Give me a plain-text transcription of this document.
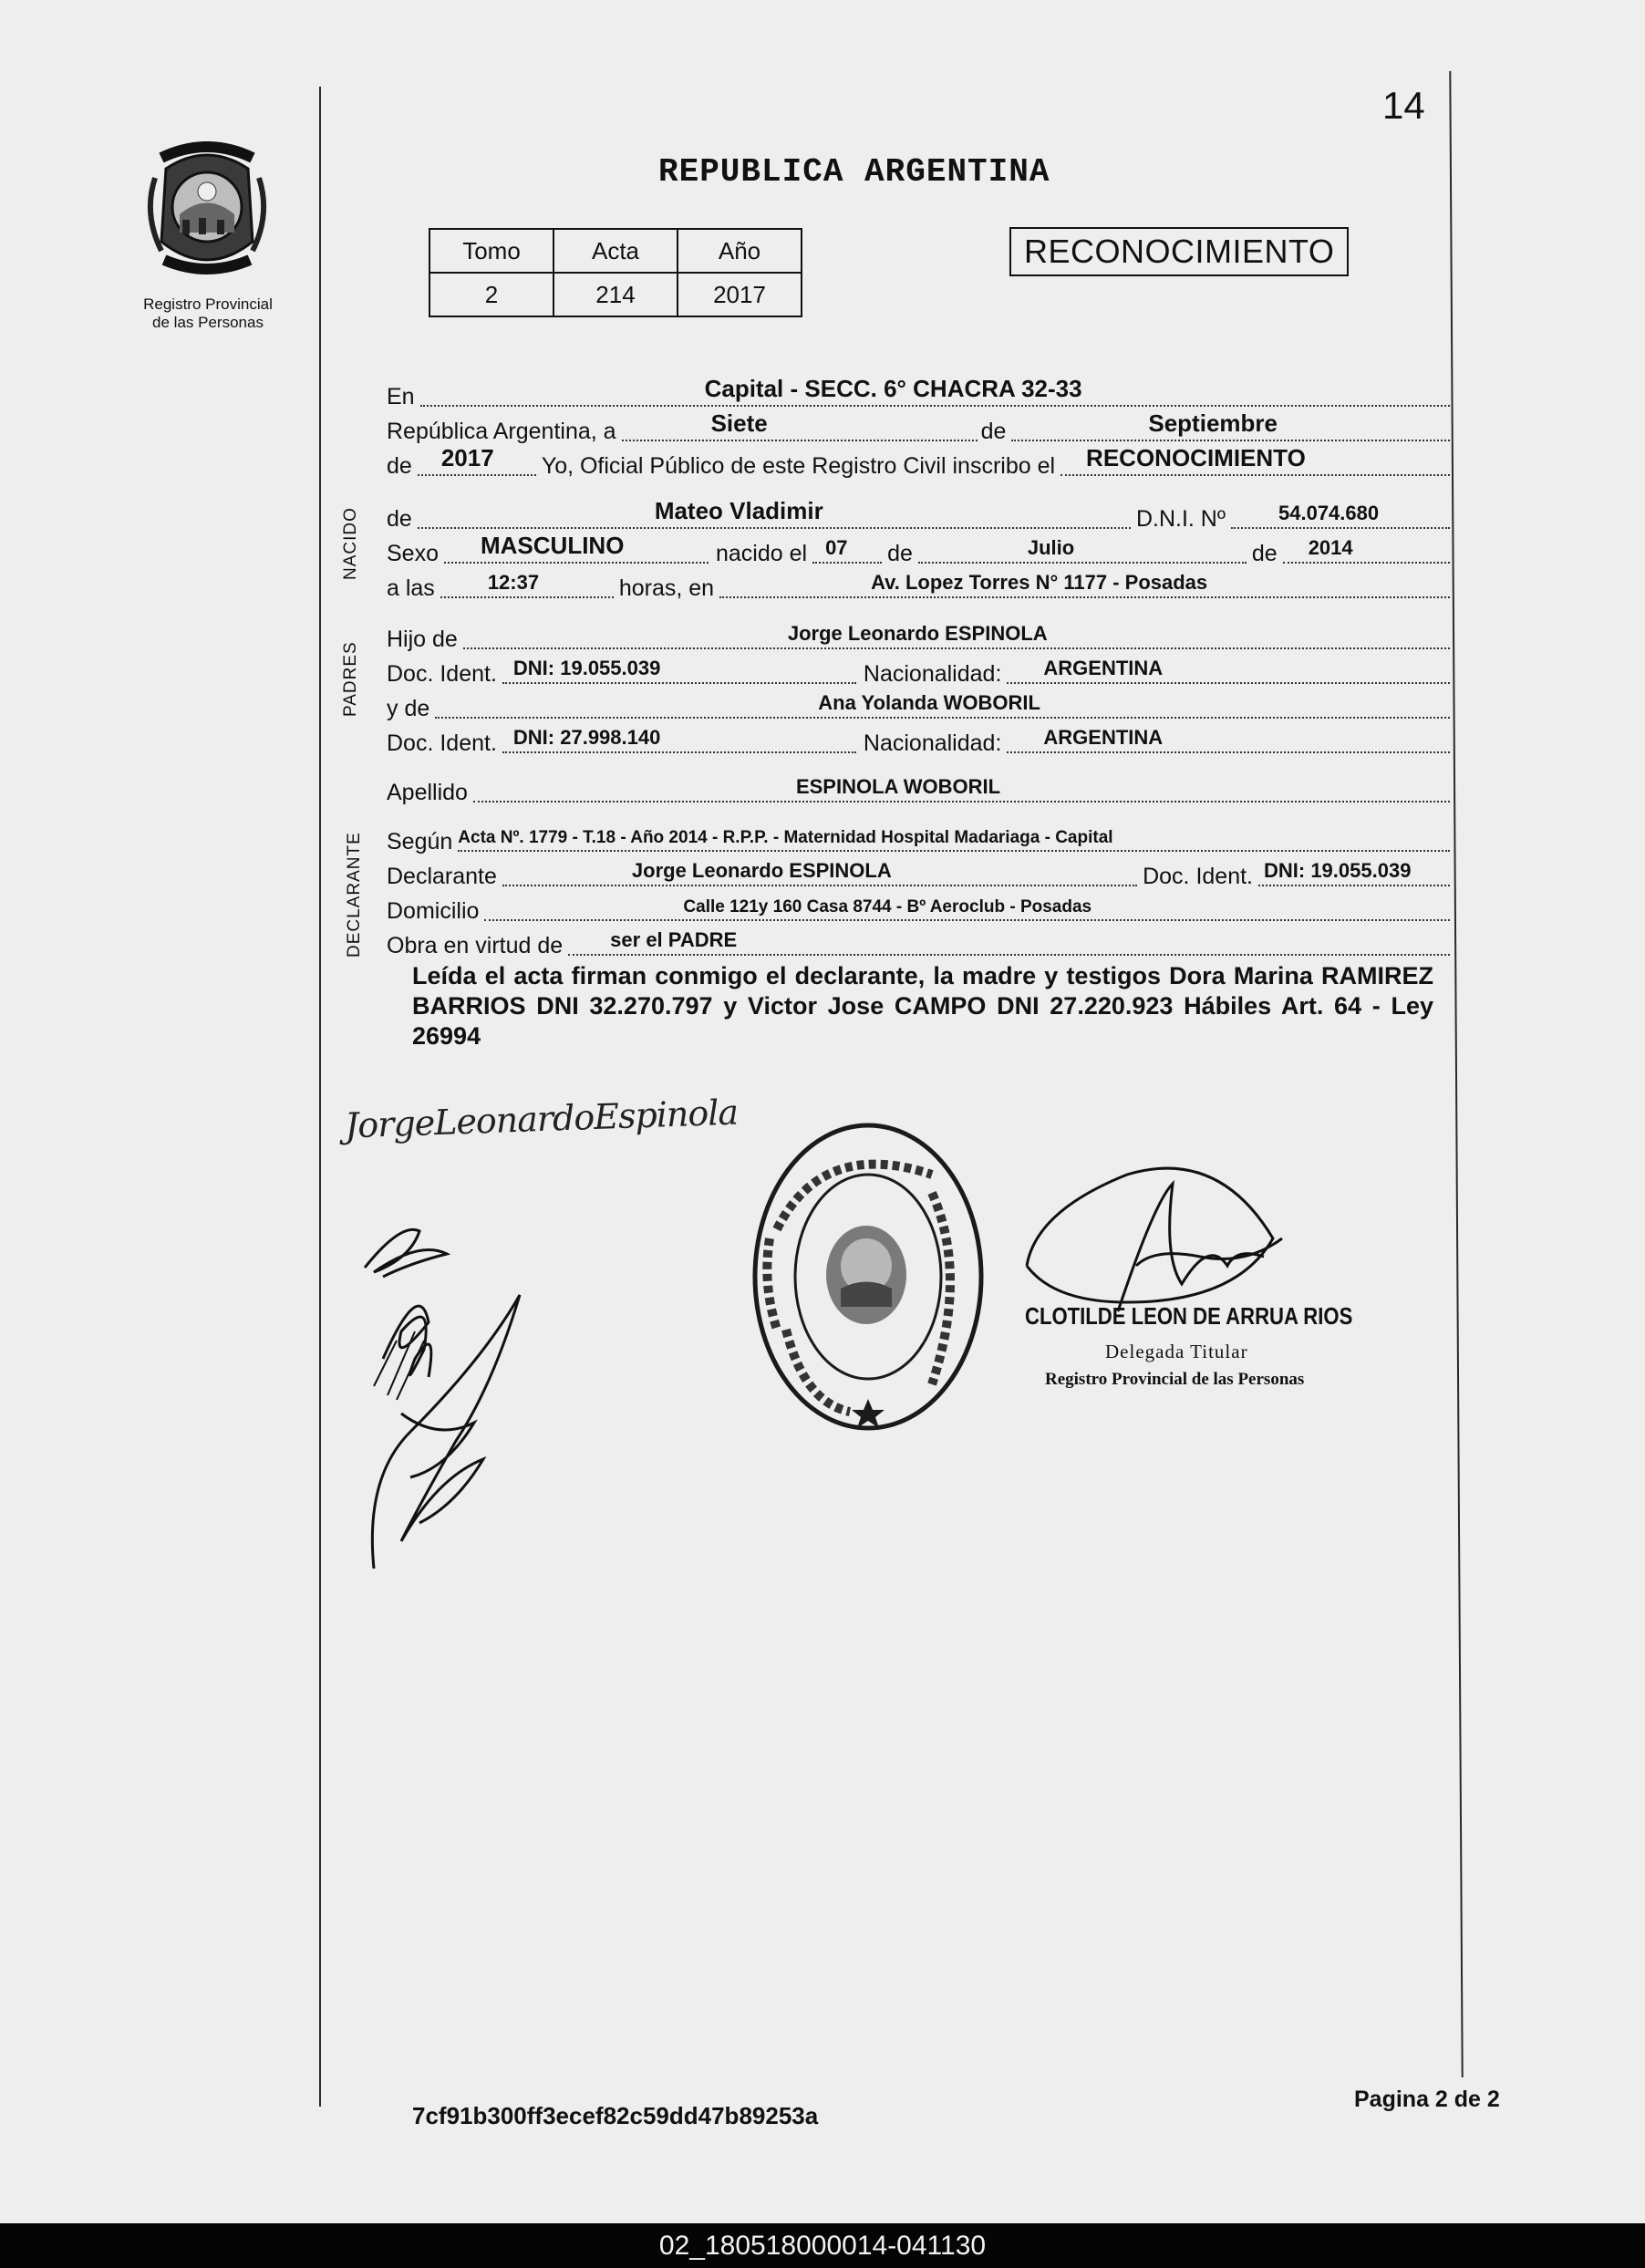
14
Registro Provincial
de las Personas
REPUBLICA ARGENTINA
Tomo	Acta	Año
2	214	2017
RECONOCIMIENTO
En	Capital - SECC. 6° CHACRA 32-33
República Argentina, a	Siete	de	Septiembre
de 2017 Yo, Oficial Público de este Registro Civil inscribo el RECONOCIMIENTO
NACIDO de	Mateo Vladimir	D.N.I. Nº	54.074.680
Sexo MASCULINO	nacido el 07 de	Julio	de 2014
a las	12:37	horas, en	Av. Lopez Torres N° 1177 - Posadas
PADRES
Hijo de	Jorge Leonardo ESPINOLA
Doc. Ident. DNI: 19.055.039	Nacionalidad: ARGENTINA
y de	Ana Yolanda WOBORIL
Doc. Ident. DNI: 27.998.140	Nacionalidad: ARGENTINA
Apellido	ESPINOLA WOBORIL
DECLARANTE Según Acta Nº. 1779 - T.18 - Año 2014 - R.P.P. - Maternidad Hospital Madariaga - Capital
Declarante	Jorge Leonardo ESPINOLA	Doc. Ident. DNI: 19.055.039
Domicilio	Calle 121y 160 Casa 8744 - Bº Aeroclub - Posadas
Obra en virtud de ser el PADRE
Leída el acta firman conmigo el declarante, la madre y testigos Dora Marina RAMIREZ BARRIOS DNI 32.270.797 y Victor Jose CAMPO DNI 27.220.923 Hábiles Art. 64 - Ley 26994
JorgeLeonardoEspinola
CLOTILDE LEON DE ARRUA RIOS
Delegada Titular
Registro Provincial de las Personas
7cf91b300ff3ecef82c59dd47b89253a
Pagina 2 de 2
02_180518000014-041130
